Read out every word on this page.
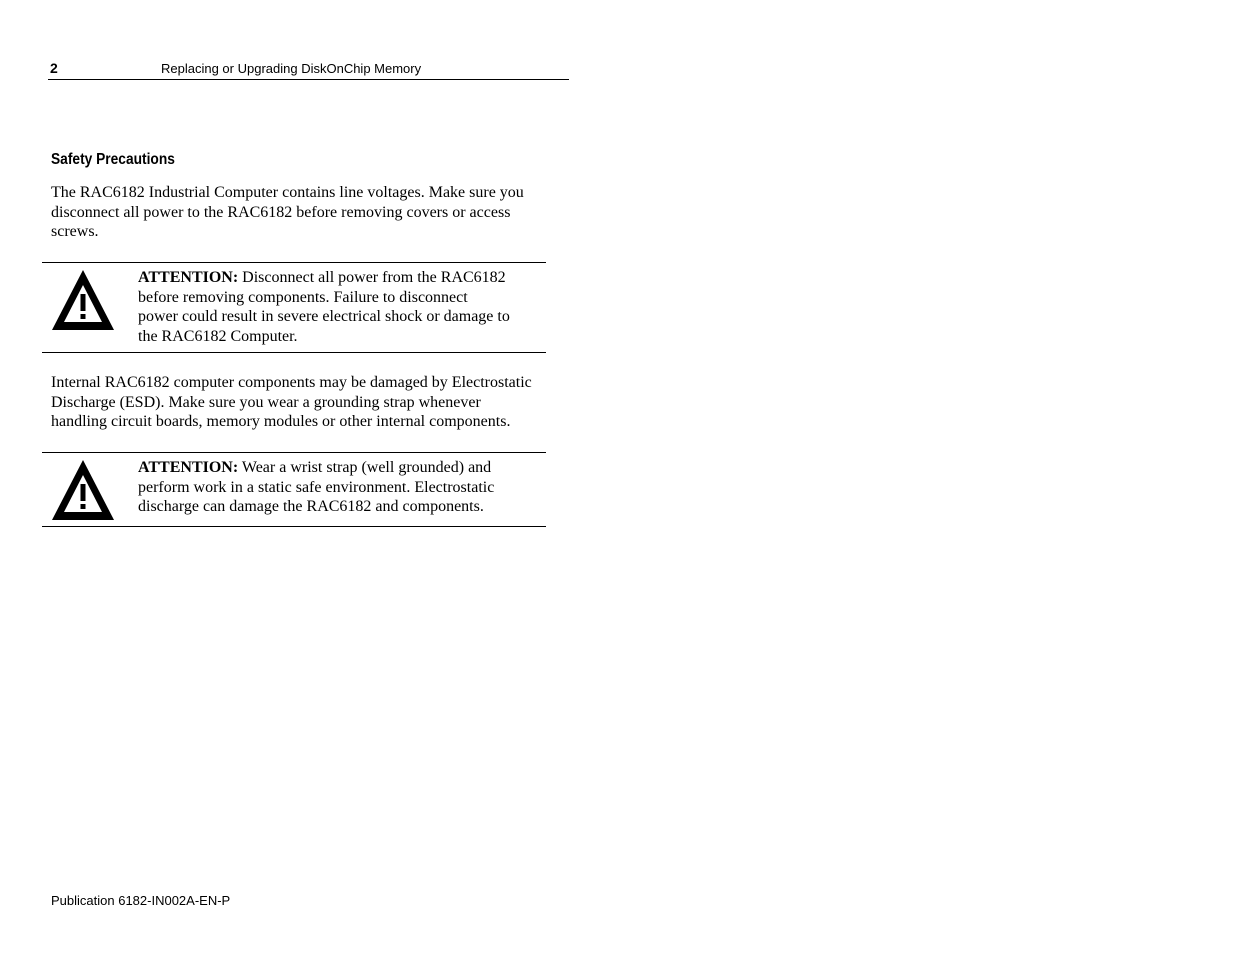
2	Replacing or Upgrading DiskOnChip Memory
Safety Precautions

The RAC6182 Industrial Computer contains line voltages. Make sure you
disconnect all power to the RAC6182 before removing covers or access
screws.

ATTENTION: Disconnect all power from the RAC6182
before removing components. Failure to disconnect
power could result in severe electrical shock or damage to
the RAC6182 Computer.

Internal RAC6182 computer components may be damaged by Electrostatic
Discharge (ESD). Make sure you wear a grounding strap whenever
handling circuit boards, memory modules or other internal components.

ATTENTION: Wear a wrist strap (well grounded) and
perform work in a static safe environment. Electrostatic
discharge can damage the RAC6182 and components.
Publication 6182-IN002A-EN-P
